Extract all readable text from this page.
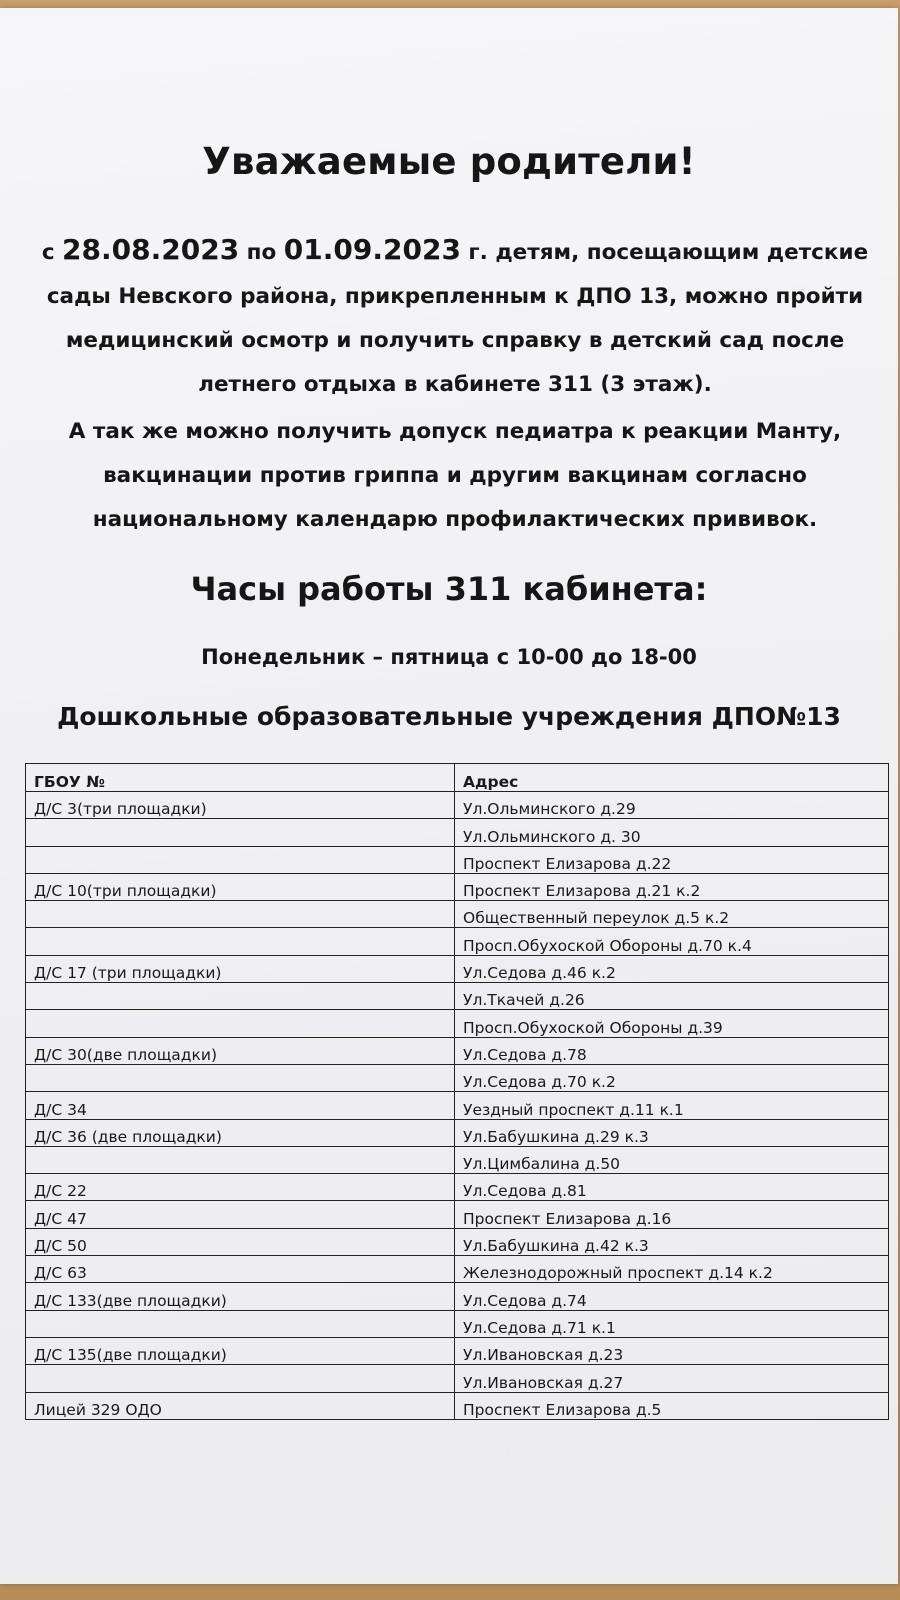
Уважаемые родители!
с 28.08.2023 по 01.09.2023 г. детям, посещающим детские сады Невского района, прикрепленным к ДПО 13, можно пройти медицинский осмотр и получить справку в детский сад после летнего отдыха в кабинете 311 (3 этаж).
А так же можно получить допуск педиатра к реакции Манту, вакцинации против гриппа и другим вакцинам согласно национальному календарю профилактических прививок.
Часы работы 311 кабинета:
Понедельник – пятница с 10-00 до 18-00
Дошкольные образовательные учреждения ДПО№13
ГБОУ №	Адрес
Д/С 3(три площадки)	Ул.Ольминского д.29
	Ул.Ольминского д. 30
	Проспект Елизарова д.22
Д/С 10(три площадки)	Проспект Елизарова д.21 к.2
	Общественный переулок д.5 к.2
	Просп.Обухоской Обороны д.70 к.4
Д/С 17 (три площадки)	Ул.Седова д.46 к.2
	Ул.Ткачей д.26
	Просп.Обухоской Обороны д.39
Д/С 30(две площадки)	Ул.Седова д.78
	Ул.Седова д.70 к.2
Д/С 34	Уездный проспект д.11 к.1
Д/С 36 (две площадки)	Ул.Бабушкина д.29 к.3
	Ул.Цимбалина д.50
Д/С 22	Ул.Седова д.81
Д/С 47	Проспект Елизарова д.16
Д/С 50	Ул.Бабушкина д.42 к.3
Д/С 63	Железнодорожный проспект д.14 к.2
Д/С 133(две площадки)	Ул.Седова д.74
	Ул.Седова д.71 к.1
Д/С 135(две площадки)	Ул.Ивановская д.23
	Ул.Ивановская д.27
Лицей 329 ОДО	Проспект Елизарова д.5
